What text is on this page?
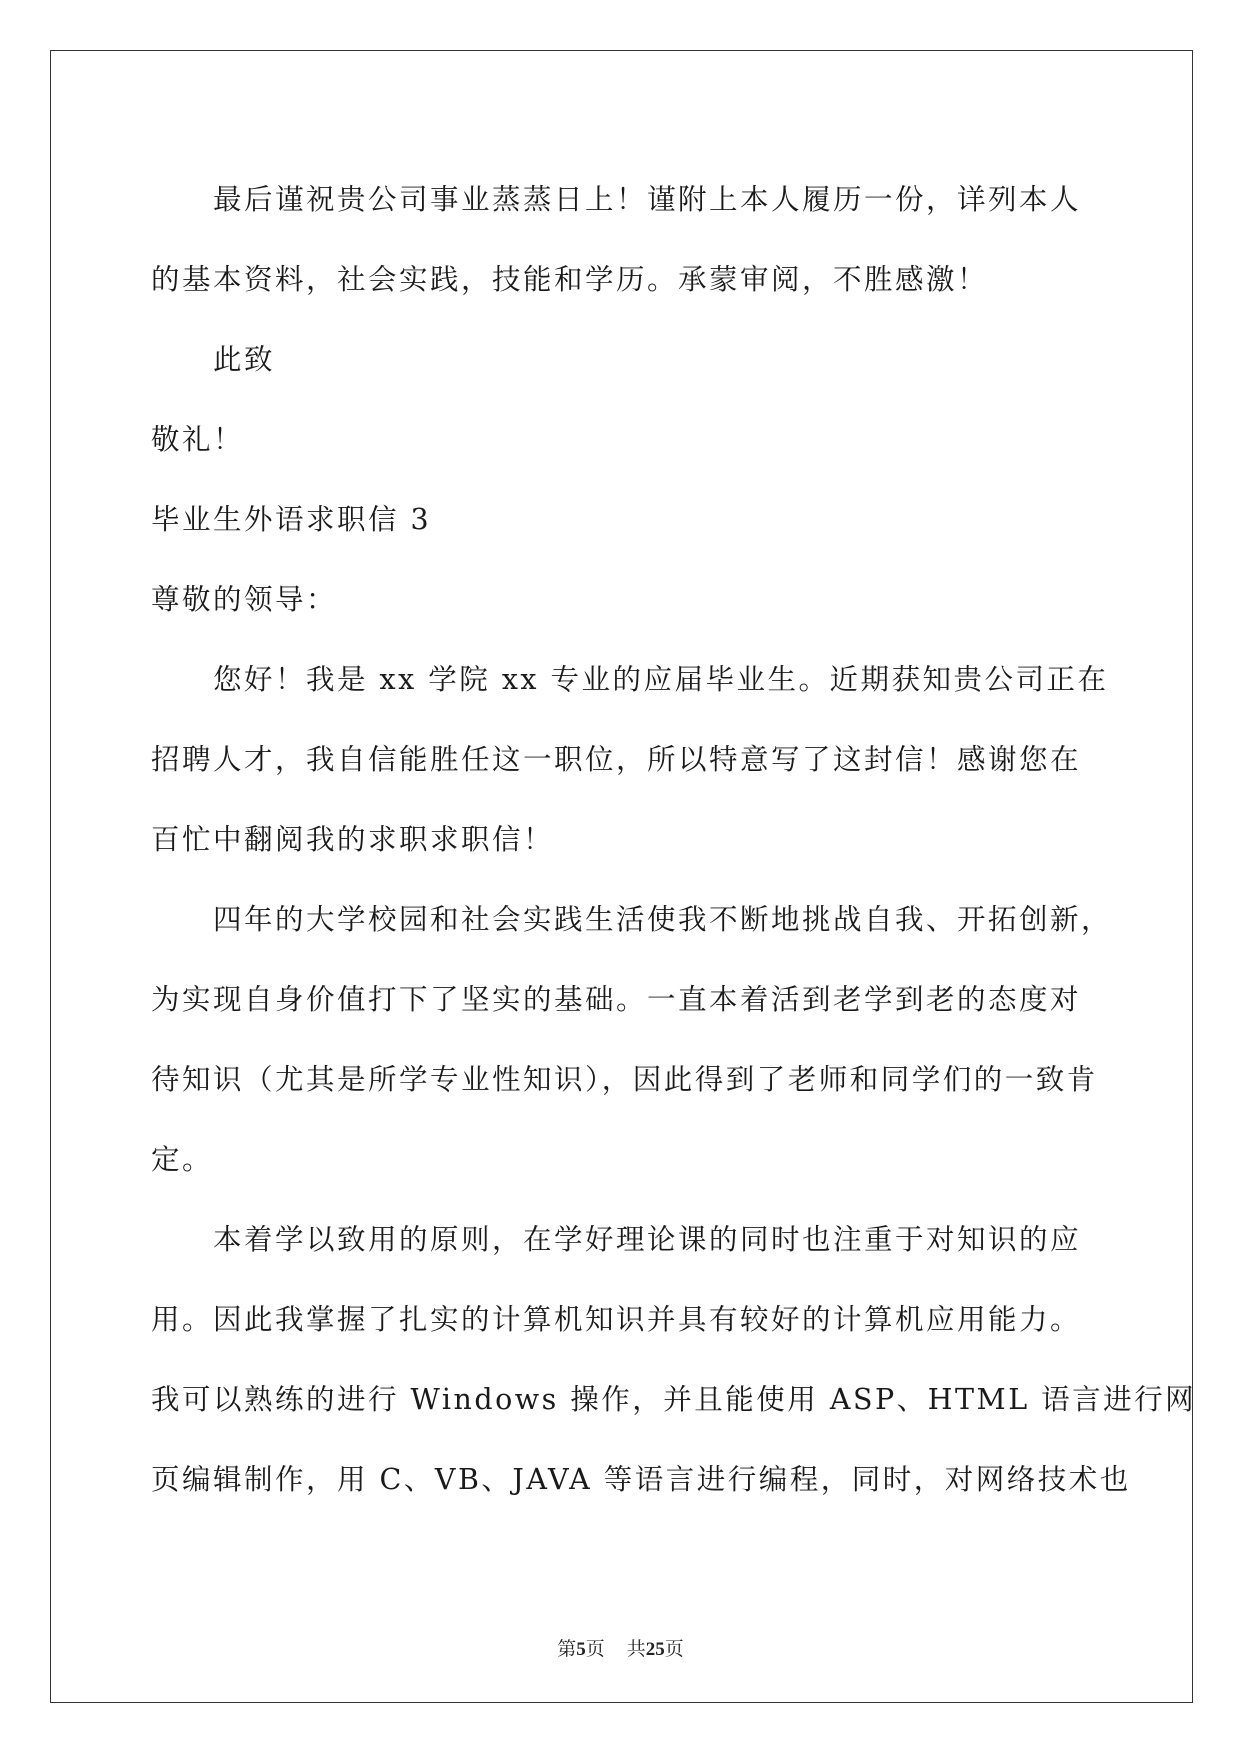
最后谨祝贵公司事业蒸蒸日上！谨附上本人履历一份，详列本人
的基本资料，社会实践，技能和学历。承蒙审阅，不胜感激！
此致
敬礼！
毕业生外语求职信 3
尊敬的领导：
您好！我是 xx 学院 xx 专业的应届毕业生。近期获知贵公司正在
招聘人才，我自信能胜任这一职位，所以特意写了这封信！感谢您在
百忙中翻阅我的求职求职信！
四年的大学校园和社会实践生活使我不断地挑战自我、开拓创新，
为实现自身价值打下了坚实的基础。一直本着活到老学到老的态度对
待知识（尤其是所学专业性知识），因此得到了老师和同学们的一致肯
定。
本着学以致用的原则，在学好理论课的同时也注重于对知识的应
用。因此我掌握了扎实的计算机知识并具有较好的计算机应用能力。
我可以熟练的进行 Windows 操作，并且能使用 ASP、HTML 语言进行网
页编辑制作，用 C、VB、JAVA 等语言进行编程，同时，对网络技术也
第5页 共25页
